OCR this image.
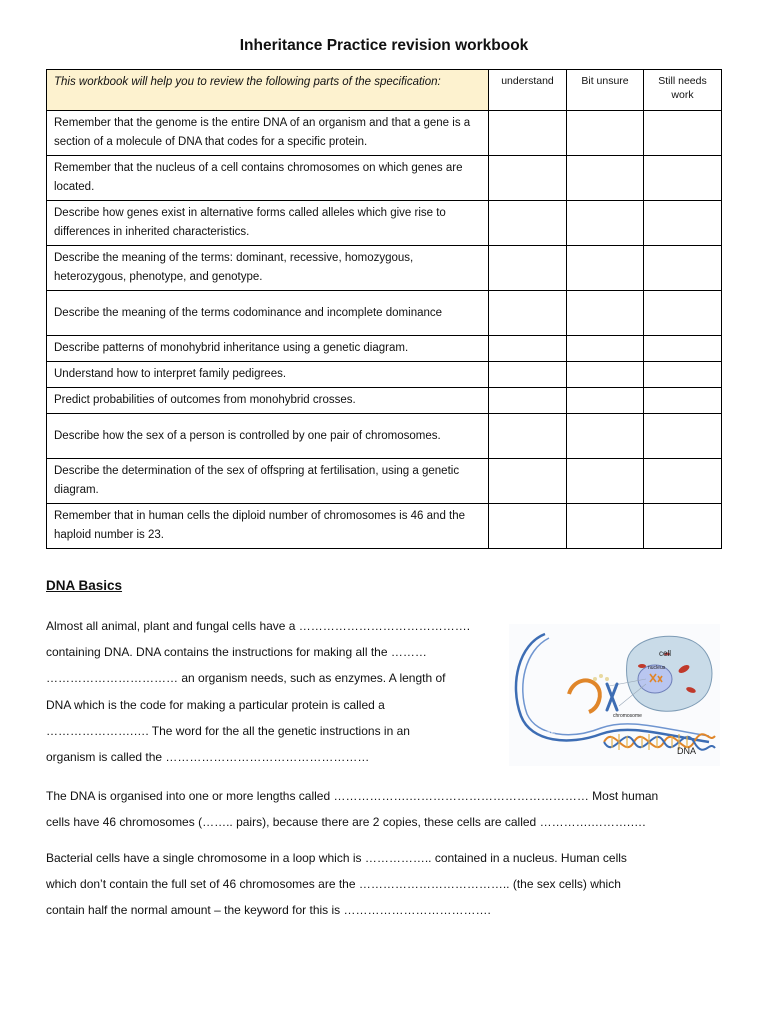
Inheritance Practice revision workbook
This workbook will help you to review the following parts of the specification:	understand	Bit unsure	Still needs work
Remember that the genome is the entire DNA of an organism and that a gene is a section of a molecule of DNA that codes for a specific protein.			
Remember that the nucleus of a cell contains chromosomes on which genes are located.			
Describe how genes exist in alternative forms called alleles which give rise to differences in inherited characteristics.			
Describe the meaning of the terms: dominant, recessive, homozygous, heterozygous, phenotype, and genotype.			
Describe the meaning of the terms codominance and incomplete dominance			
Describe patterns of monohybrid inheritance using a genetic diagram.			
Understand how to interpret family pedigrees.			
Predict probabilities of outcomes from monohybrid crosses.			
Describe how the sex of a person is controlled by one pair of chromosomes.			
Describe the determination of the sex of offspring at fertilisation, using a genetic diagram.			
Remember that in human cells the diploid number of chromosomes is 46 and the haploid number is 23.			
DNA Basics
Almost all animal, plant and fungal cells have a …………………………………….
containing DNA. DNA contains the instructions for making all the ………
…………………………… an organism needs, such as enzymes. A length of
DNA which is the code for making a particular protein is called a
………………….…. The word for the all the genetic instructions in an
organism is called the ……………………………………………
The DNA is organised into one or more lengths called ……………….……………………………………… Most human
cells have 46 chromosomes (…….. pairs), because there are 2 copies, these cells are called ………….……….….
Bacterial cells have a single chromosome in a loop which is …………….. contained in a nucleus. Human cells
which don’t contain the full set of 46 chromosomes are the ……………………………….. (the sex cells) which
contain half the normal amount – the keyword for this is ……………………………….
cell
nucleus
chromosome
gene
DNA
